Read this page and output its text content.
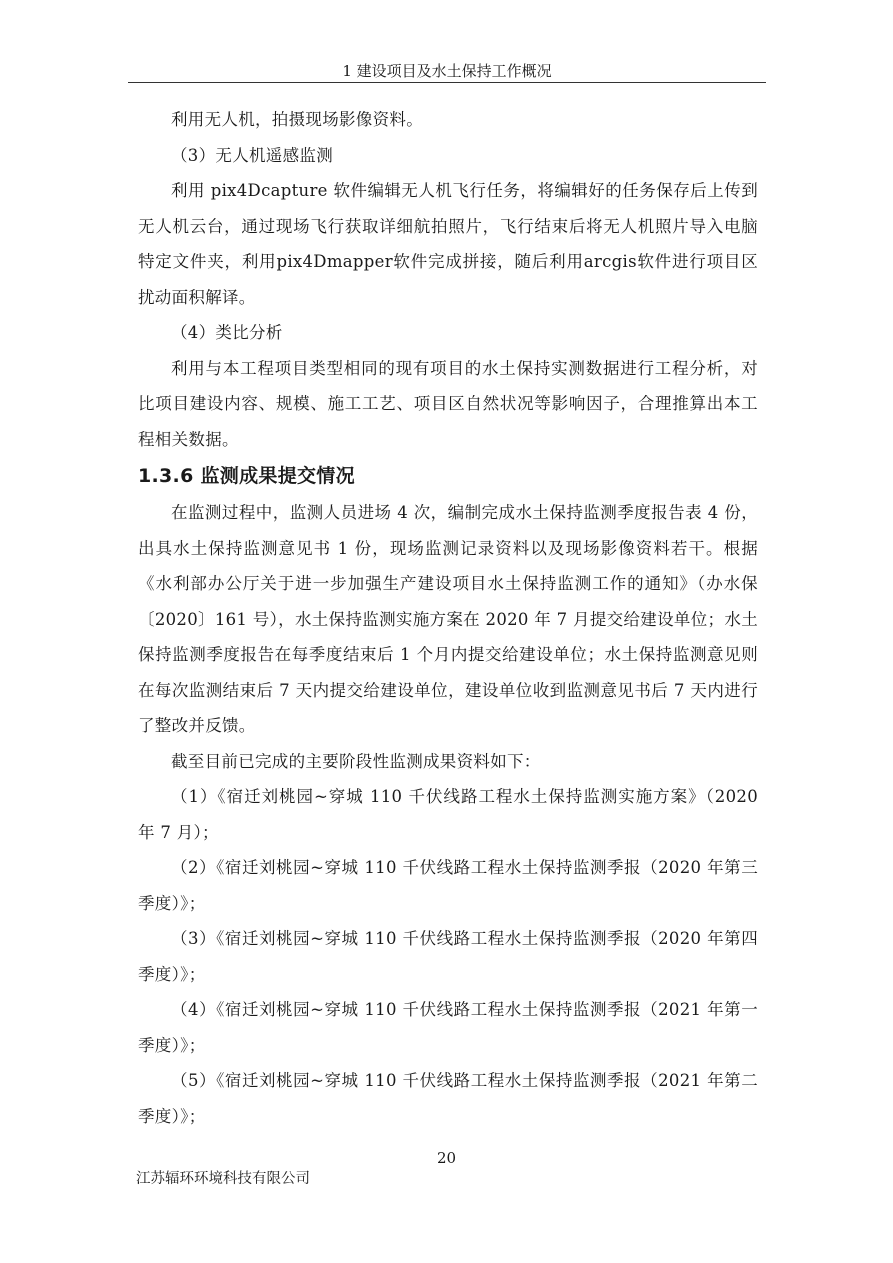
1 建设项目及水土保持工作概况

利用无人机，拍摄现场影像资料。

（3）无人机遥感监测

利用 pix4Dcapture 软件编辑无人机飞行任务，将编辑好的任务保存后上传到无人机云台，通过现场飞行获取详细航拍照片，飞行结束后将无人机照片导入电脑特定文件夹，利用pix4Dmapper软件完成拼接，随后利用arcgis软件进行项目区扰动面积解译。

（4）类比分析

利用与本工程项目类型相同的现有项目的水土保持实测数据进行工程分析，对比项目建设内容、规模、施工工艺、项目区自然状况等影响因子，合理推算出本工程相关数据。

1.3.6 监测成果提交情况

在监测过程中，监测人员进场 4 次，编制完成水土保持监测季度报告表 4 份，出具水土保持监测意见书 1 份，现场监测记录资料以及现场影像资料若干。根据《水利部办公厅关于进一步加强生产建设项目水土保持监测工作的通知》（办水保〔2020〕161 号），水土保持监测实施方案在 2020 年 7 月提交给建设单位；水土保持监测季度报告在每季度结束后 1 个月内提交给建设单位；水土保持监测意见则在每次监测结束后 7 天内提交给建设单位，建设单位收到监测意见书后 7 天内进行了整改并反馈。

截至目前已完成的主要阶段性监测成果资料如下：

（1）《宿迁刘桃园~穿城 110 千伏线路工程水土保持监测实施方案》（2020 年 7 月）；

（2）《宿迁刘桃园~穿城 110 千伏线路工程水土保持监测季报（2020 年第三季度）》；

（3）《宿迁刘桃园~穿城 110 千伏线路工程水土保持监测季报（2020 年第四季度）》；

（4）《宿迁刘桃园~穿城 110 千伏线路工程水土保持监测季报（2021 年第一季度）》；

（5）《宿迁刘桃园~穿城 110 千伏线路工程水土保持监测季报（2021 年第二季度）》；

20
江苏辐环环境科技有限公司
